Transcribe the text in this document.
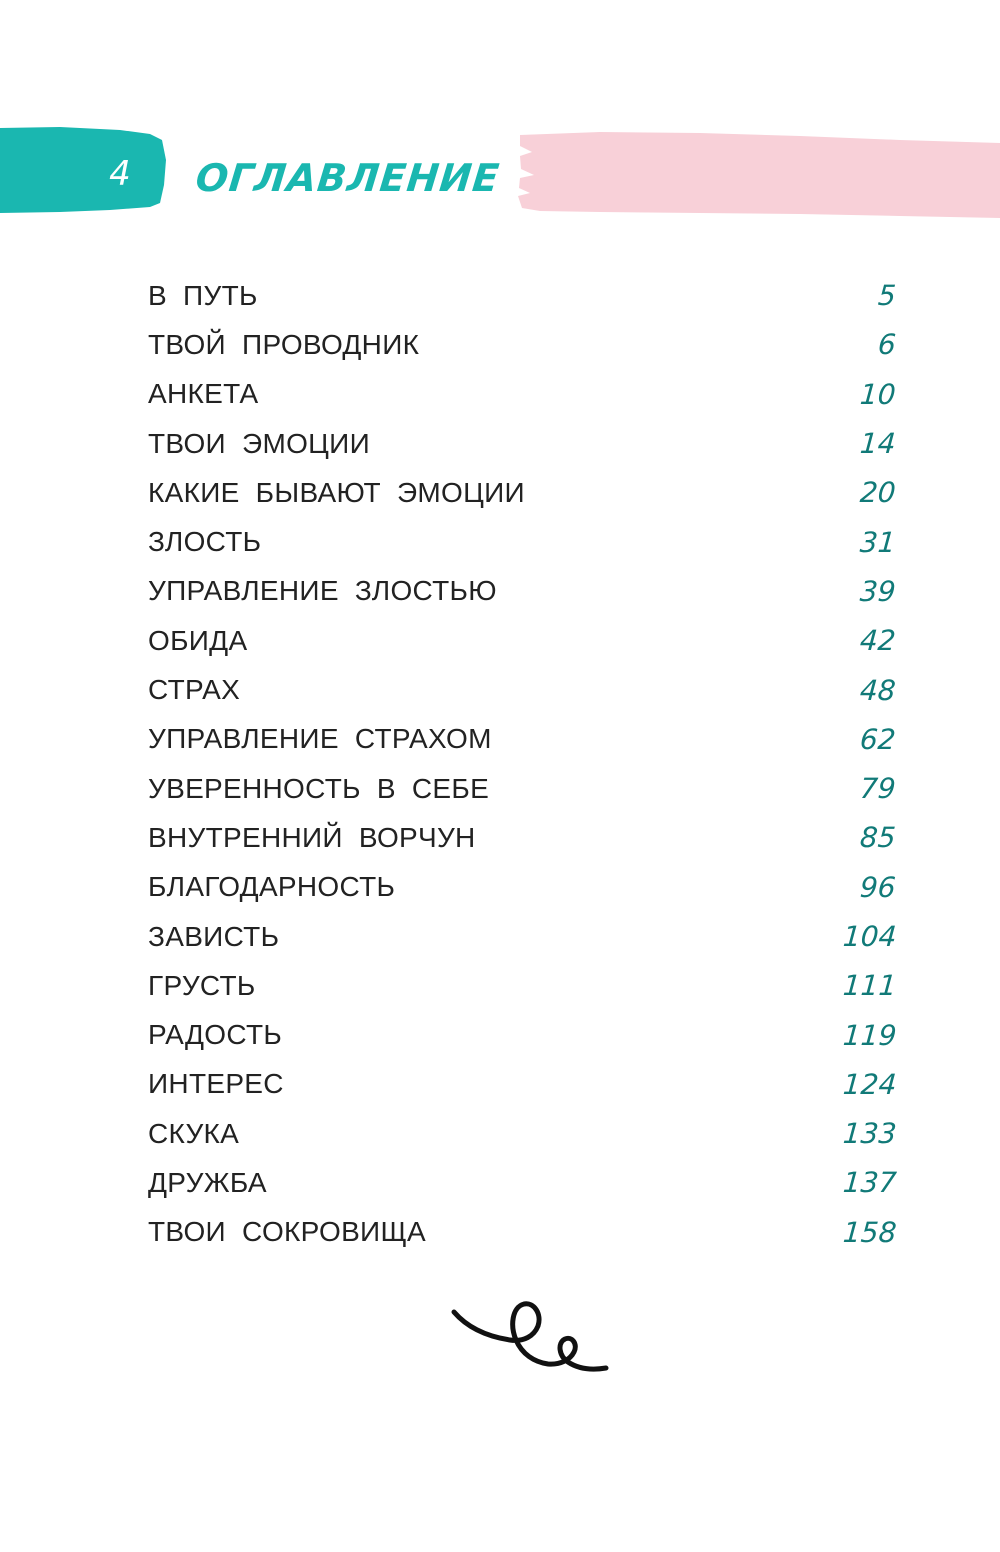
4 ОГЛАВЛЕНИЕ
В ПУТЬ	5
ТВОЙ ПРОВОДНИК	6
АНКЕТА	10
ТВОИ ЭМОЦИИ	14
КАКИЕ БЫВАЮТ ЭМОЦИИ	20
ЗЛОСТЬ	31
УПРАВЛЕНИЕ ЗЛОСТЬЮ	39
ОБИДА	42
СТРАХ	48
УПРАВЛЕНИЕ СТРАХОМ	62
УВЕРЕННОСТЬ В СЕБЕ	79
ВНУТРЕННИЙ ВОРЧУН	85
БЛАГОДАРНОСТЬ	96
ЗАВИСТЬ	104
ГРУСТЬ	111
РАДОСТЬ	119
ИНТЕРЕС	124
СКУКА	133
ДРУЖБА	137
ТВОИ СОКРОВИЩА	158
